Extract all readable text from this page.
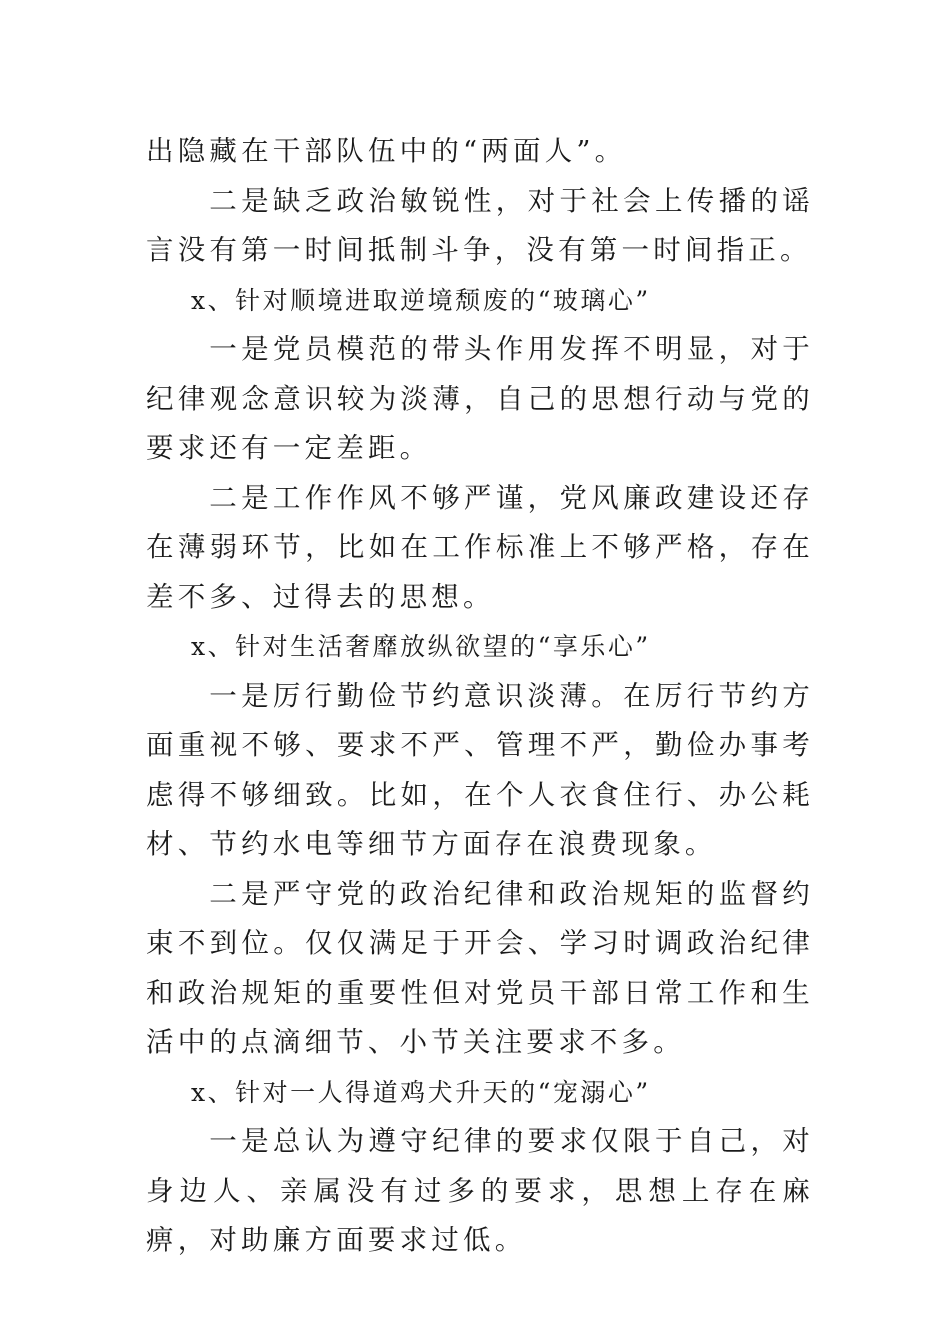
出隐藏在干部队伍中的“两面人”。

二是缺乏政治敏锐性，对于社会上传播的谣言没有第一时间抵制斗争，没有第一时间指正。

x、针对顺境进取逆境颓废的“玻璃心”

一是党员模范的带头作用发挥不明显，对于纪律观念意识较为淡薄，自己的思想行动与党的要求还有一定差距。

二是工作作风不够严谨，党风廉政建设还存在薄弱环节，比如在工作标准上不够严格，存在差不多、过得去的思想。

x、针对生活奢靡放纵欲望的“享乐心”

一是厉行勤俭节约意识淡薄。在厉行节约方面重视不够、要求不严、管理不严，勤俭办事考虑得不够细致。比如，在个人衣食住行、办公耗材、节约水电等细节方面存在浪费现象。

二是严守党的政治纪律和政治规矩的监督约束不到位。仅仅满足于开会、学习时调政治纪律和政治规矩的重要性但对党员干部日常工作和生活中的点滴细节、小节关注要求不多。

x、针对一人得道鸡犬升天的“宠溺心”

一是总认为遵守纪律的要求仅限于自己，对身边人、亲属没有过多的要求，思想上存在麻痹，对助廉方面要求过低。
